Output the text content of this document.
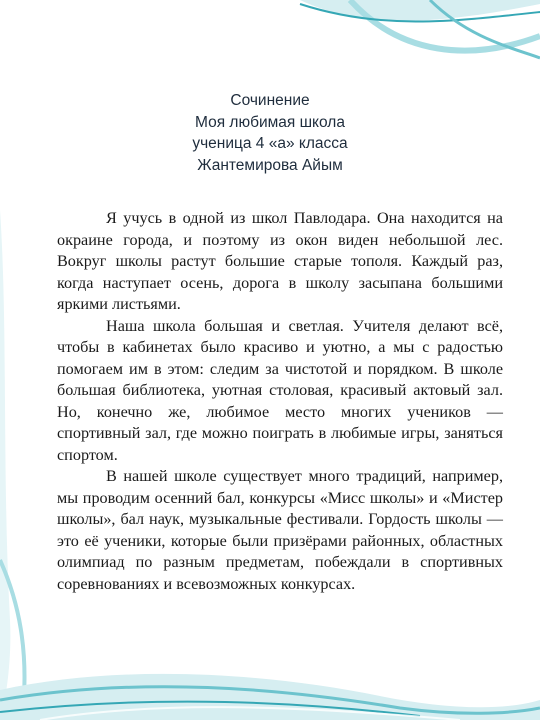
Сочинение
Моя любимая школа
ученица 4 «а» класса
Жантемирова Айым

Я учусь в одной из школ Павлодара. Она находится на окраине города, и поэтому из окон виден небольшой лес. Вокруг школы растут большие старые тополя. Каждый раз, когда наступает осень, дорога в школу засыпана большими яркими листьями.

Наша школа большая и светлая. Учителя делают всё, чтобы в кабинетах было красиво и уютно, а мы с радостью помогаем им в этом: следим за чистотой и порядком. В школе большая библиотека, уютная столовая, красивый актовый зал. Но, конечно же, любимое место многих учеников — спортивный зал, где можно поиграть в любимые игры, заняться спортом.

В нашей школе существует много традиций, например, мы проводим осенний бал, конкурсы «Мисс школы» и «Мистер школы», бал наук, музыкальные фестивали. Гордость школы — это её ученики, которые были призёрами районных, областных олимпиад по разным предметам, побеждали в спортивных соревнованиях и всевозможных конкурсах.
